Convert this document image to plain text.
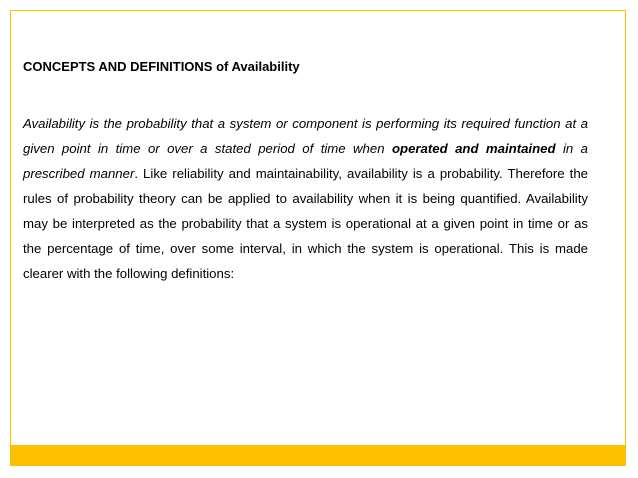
CONCEPTS AND DEFINITIONS of Availability

Availability is the probability that a system or component is performing its required function at a given point in time or over a stated period of time when operated and maintained in a prescribed manner. Like reliability and maintainability, availability is a probability. Therefore the rules of probability theory can be applied to availability when it is being quantified. Availability may be interpreted as the probability that a system is operational at a given point in time or as the percentage of time, over some interval, in which the system is operational. This is made clearer with the following definitions:
